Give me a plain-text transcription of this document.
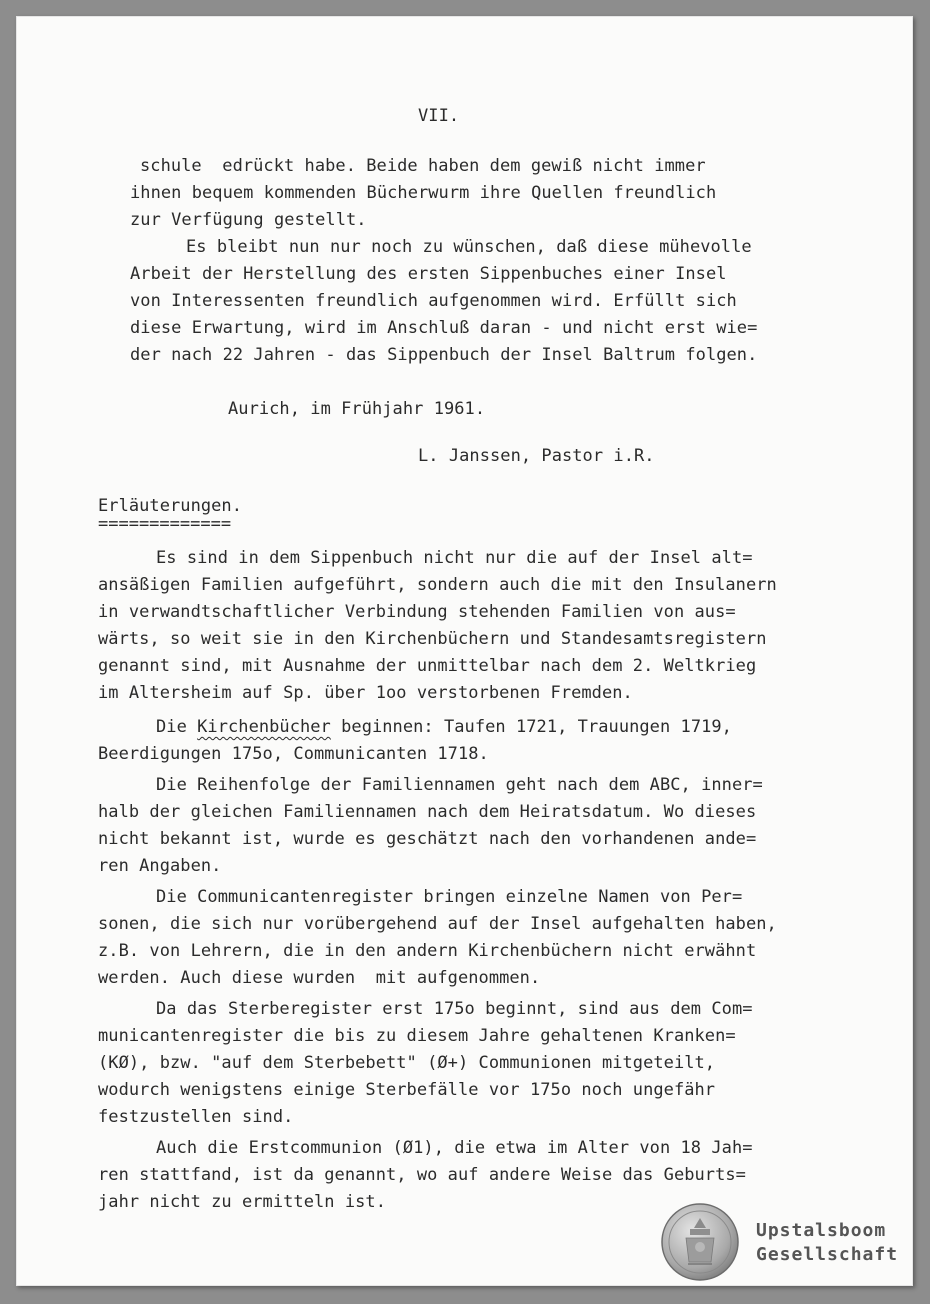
VII.
schule  edrückt habe. Beide haben dem gewiß nicht immer
ihnen bequem kommenden Bücherwurm ihre Quellen freundlich
zur Verfügung gestellt.
Es bleibt nun nur noch zu wünschen, daß diese mühevolle
Arbeit der Herstellung des ersten Sippenbuches einer Insel
von Interessenten freundlich aufgenommen wird. Erfüllt sich
diese Erwartung, wird im Anschluß daran - und nicht erst wie=
der nach 22 Jahren - das Sippenbuch der Insel Baltrum folgen.
Aurich, im Frühjahr 1961.
L. Janssen, Pastor i.R.
Erläuterungen.
=============
Es sind in dem Sippenbuch nicht nur die auf der Insel alt=
ansäßigen Familien aufgeführt, sondern auch die mit den Insulanern
in verwandtschaftlicher Verbindung stehenden Familien von aus=
wärts, so weit sie in den Kirchenbüchern und Standesamtsregistern
genannt sind, mit Ausnahme der unmittelbar nach dem 2. Weltkrieg
im Altersheim auf Sp. über 1oo verstorbenen Fremden.
Die Kirchenbücher beginnen: Taufen 1721, Trauungen 1719,
Beerdigungen 175o, Communicanten 1718.
Die Reihenfolge der Familiennamen geht nach dem ABC, inner=
halb der gleichen Familiennamen nach dem Heiratsdatum. Wo dieses
nicht bekannt ist, wurde es geschätzt nach den vorhandenen ande=
ren Angaben.
Die Communicantenregister bringen einzelne Namen von Per=
sonen, die sich nur vorübergehend auf der Insel aufgehalten haben,
z.B. von Lehrern, die in den andern Kirchenbüchern nicht erwähnt
werden. Auch diese wurden  mit aufgenommen.
Da das Sterberegister erst 175o beginnt, sind aus dem Com=
municantenregister die bis zu diesem Jahre gehaltenen Kranken=
(KØ), bzw. "auf dem Sterbebett" (Ø+) Communionen mitgeteilt,
wodurch wenigstens einige Sterbefälle vor 175o noch ungefähr
festzustellen sind.
Auch die Erstcommunion (Ø1), die etwa im Alter von 18 Jah=
ren stattfand, ist da genannt, wo auf andere Weise das Geburts=
jahr nicht zu ermitteln ist.
Upstalsboom
Gesellschaft
